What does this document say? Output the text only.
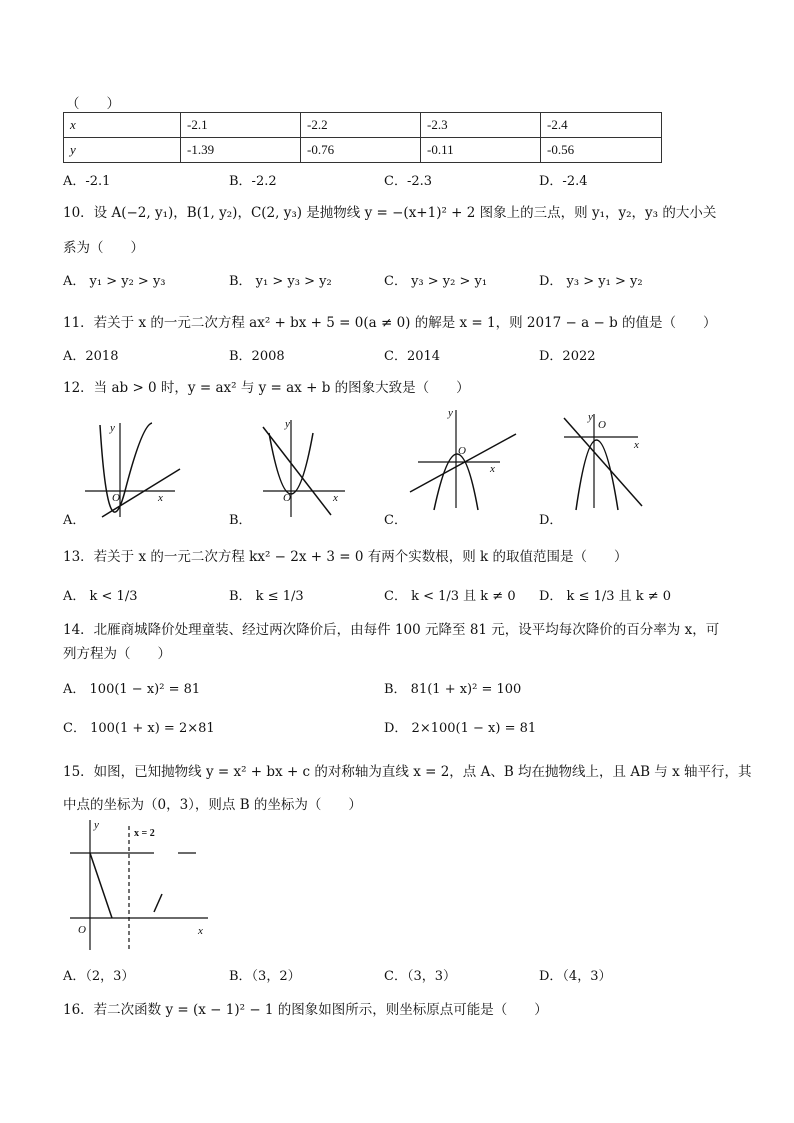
（　　）
x	-2.1	-2.2	-2.3	-2.4
y	-1.39	-0.76	-0.11	-0.56
A．-2.1	B．-2.2	C．-2.3	D．-2.4
10．设 A(−2, y₁)，B(1, y₂)，C(2, y₃) 是抛物线 y = −(x+1)² + 2 图象上的三点，则 y₁，y₂，y₃ 的大小关
系为（　　）
A． y₁ > y₂ > y₃	B． y₁ > y₃ > y₂	C． y₃ > y₂ > y₁	D． y₃ > y₁ > y₂
11．若关于 x 的一元二次方程 ax² + bx + 5 = 0(a ≠ 0) 的解是 x = 1，则 2017 − a − b 的值是（　　）
A．2018	B．2008	C．2014	D．2022
12．当 ab > 0 时，y = ax² 与 y = ax + b 的图象大致是（　　）
y
x
O
A．
y
x
O
B．
y
x
O
C．
y
x
O
D．
13．若关于 x 的一元二次方程 kx² − 2x + 3 = 0 有两个实数根，则 k 的取值范围是（　　）
A． k < 1/3	B． k ≤ 1/3	C． k < 1/3 且 k ≠ 0 D． k ≤ 1/3 且 k ≠ 0
14．北雁商城降价处理童装、经过两次降价后，由每件 100 元降至 81 元，设平均每次降价的百分率为 x，可
列方程为（　　）
A． 100(1 − x)² = 81	B． 81(1 + x)² = 100
C． 100(1 + x) = 2×81	D． 2×100(1 − x) = 81
15．如图，已知抛物线 y = x² + bx + c 的对称轴为直线 x = 2，点 A、B 均在抛物线上，且 AB 与 x 轴平行，其
中点的坐标为（0，3），则点 B 的坐标为（　　）
y
x
O
x = 2
A．（2，3）	B．（3，2）	C．（3，3）	D．（4，3）
16．若二次函数 y = (x − 1)² − 1 的图象如图所示，则坐标原点可能是（　　）
